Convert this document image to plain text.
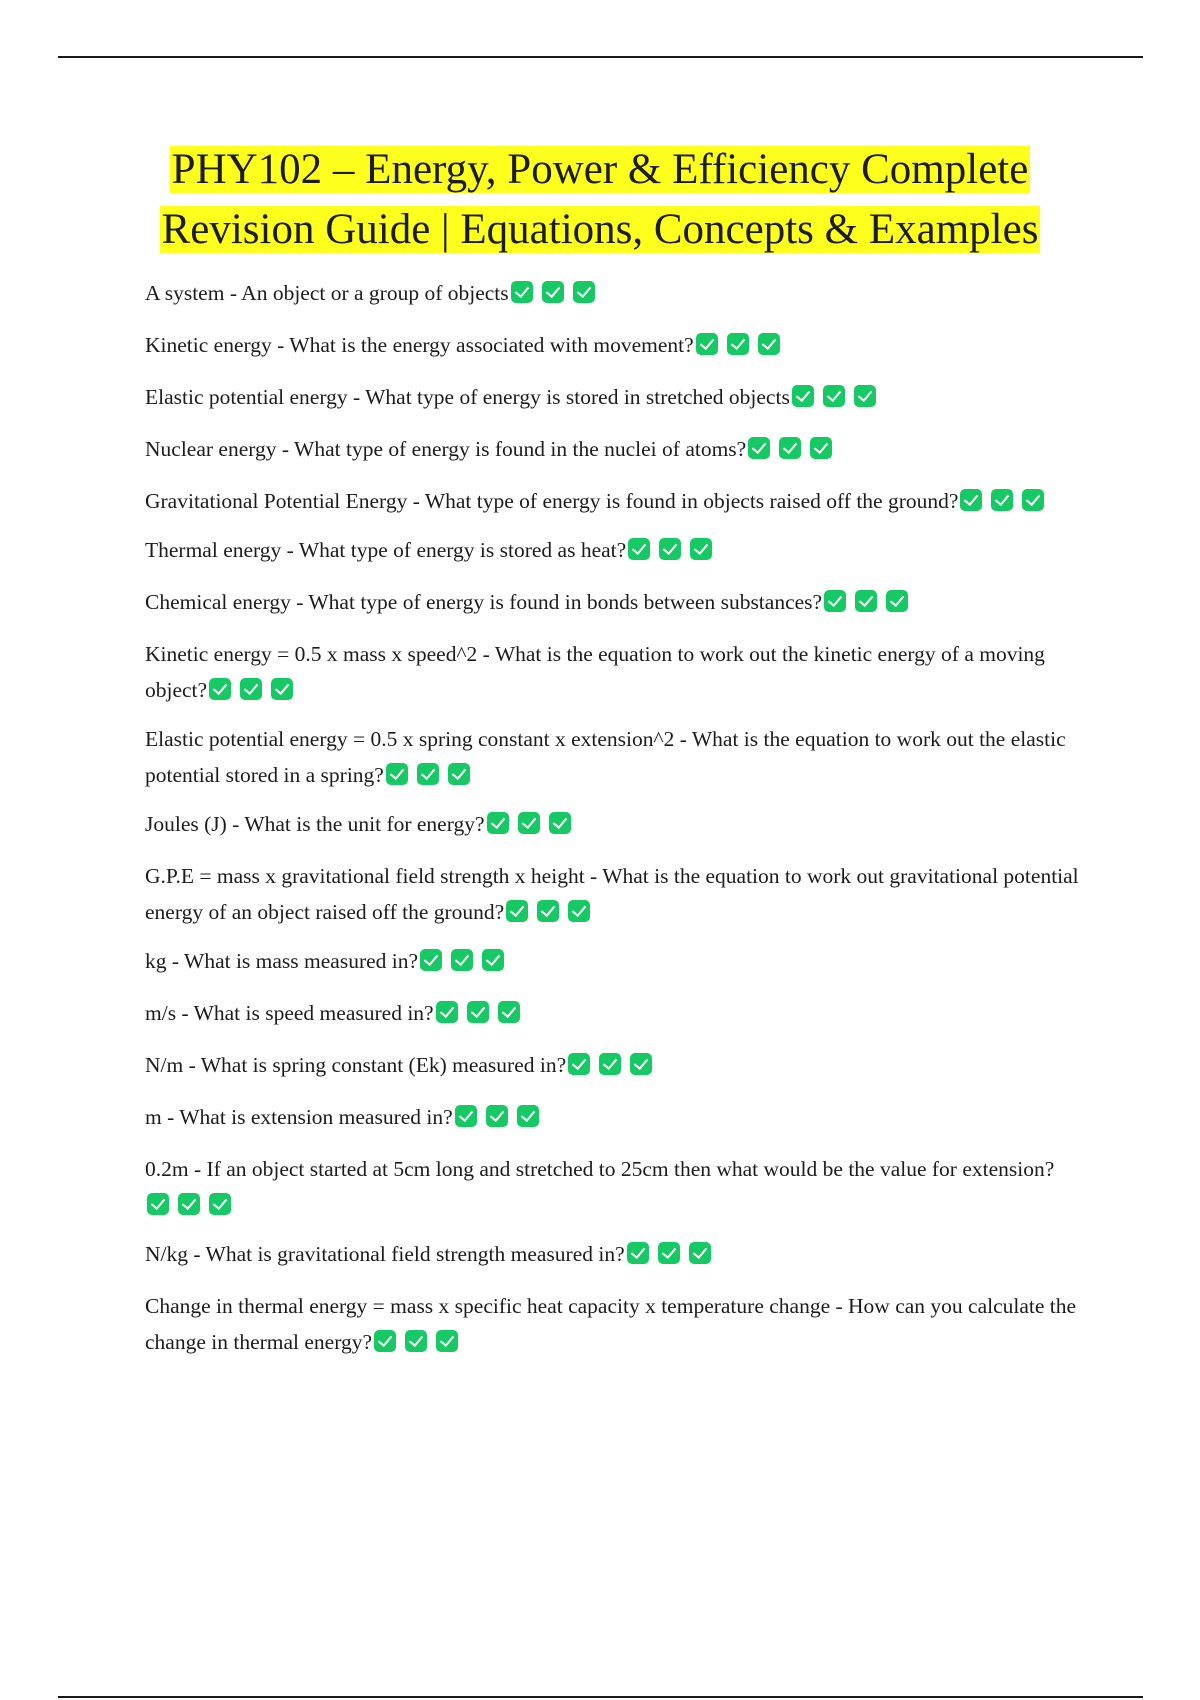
PHY102 – Energy, Power & Efficiency Complete
Revision Guide | Equations, Concepts & Examples
A system - An object or a group of objects
Kinetic energy - What is the energy associated with movement?
Elastic potential energy - What type of energy is stored in stretched objects
Nuclear energy - What type of energy is found in the nuclei of atoms?
Gravitational Potential Energy - What type of energy is found in objects raised off the ground?
Thermal energy - What type of energy is stored as heat?
Chemical energy - What type of energy is found in bonds between substances?
Kinetic energy = 0.5 x mass x speed^2 - What is the equation to work out the kinetic energy of a moving object?
Elastic potential energy = 0.5 x spring constant x extension^2 - What is the equation to work out the elastic potential stored in a spring?
Joules (J) - What is the unit for energy?
G.P.E = mass x gravitational field strength x height - What is the equation to work out gravitational potential energy of an object raised off the ground?
kg - What is mass measured in?
m/s - What is speed measured in?
N/m - What is spring constant (Ek) measured in?
m - What is extension measured in?
0.2m - If an object started at 5cm long and stretched to 25cm then what would be the value for extension?
N/kg - What is gravitational field strength measured in?
Change in thermal energy = mass x specific heat capacity x temperature change - How can you calculate the change in thermal energy?
